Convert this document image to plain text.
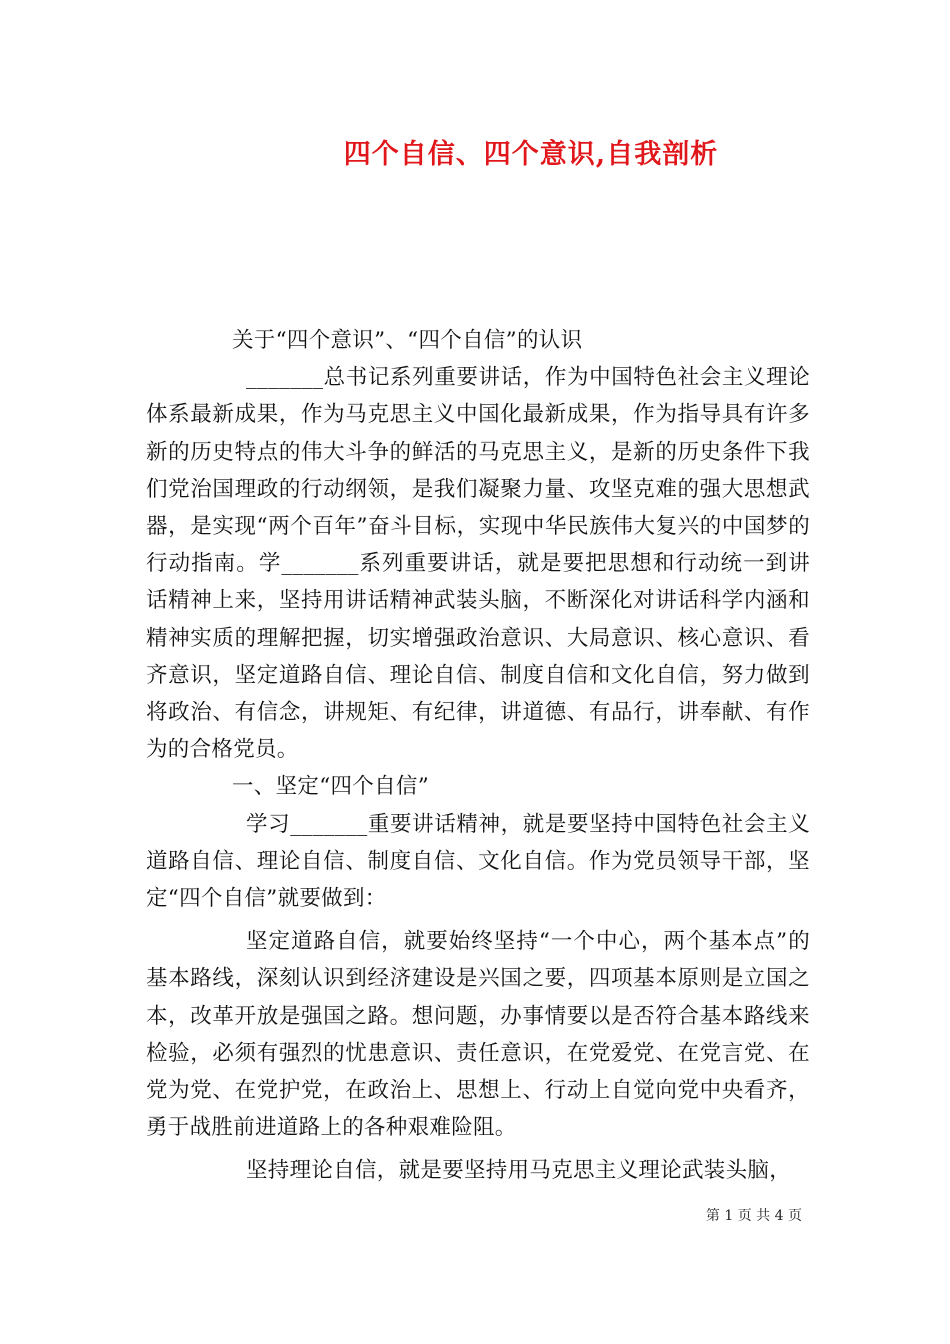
四个自信、四个意识,自我剖析

关于“四个意识”、“四个自信”的认识

_______总书记系列重要讲话，作为中国特色社会主义理论体系最新成果，作为马克思主义中国化最新成果，作为指导具有许多新的历史特点的伟大斗争的鲜活的马克思主义，是新的历史条件下我们党治国理政的行动纲领，是我们凝聚力量、攻坚克难的强大思想武器，是实现“两个百年”奋斗目标，实现中华民族伟大复兴的中国梦的行动指南。学_______系列重要讲话，就是要把思想和行动统一到讲话精神上来，坚持用讲话精神武装头脑，不断深化对讲话科学内涵和精神实质的理解把握，切实增强政治意识、大局意识、核心意识、看齐意识，坚定道路自信、理论自信、制度自信和文化自信，努力做到将政治、有信念，讲规矩、有纪律，讲道德、有品行，讲奉献、有作为的合格党员。

一、坚定“四个自信”

学习_______重要讲话精神，就是要坚持中国特色社会主义道路自信、理论自信、制度自信、文化自信。作为党员领导干部，坚定“四个自信”就要做到：

坚定道路自信，就要始终坚持“一个中心，两个基本点”的基本路线，深刻认识到经济建设是兴国之要，四项基本原则是立国之本，改革开放是强国之路。想问题，办事情要以是否符合基本路线来检验，必须有强烈的忧患意识、责任意识，在党爱党、在党言党、在党为党、在党护党，在政治上、思想上、行动上自觉向党中央看齐，勇于战胜前进道路上的各种艰难险阻。

坚持理论自信，就是要坚持用马克思主义理论武装头脑，

第 1 页 共 4 页
